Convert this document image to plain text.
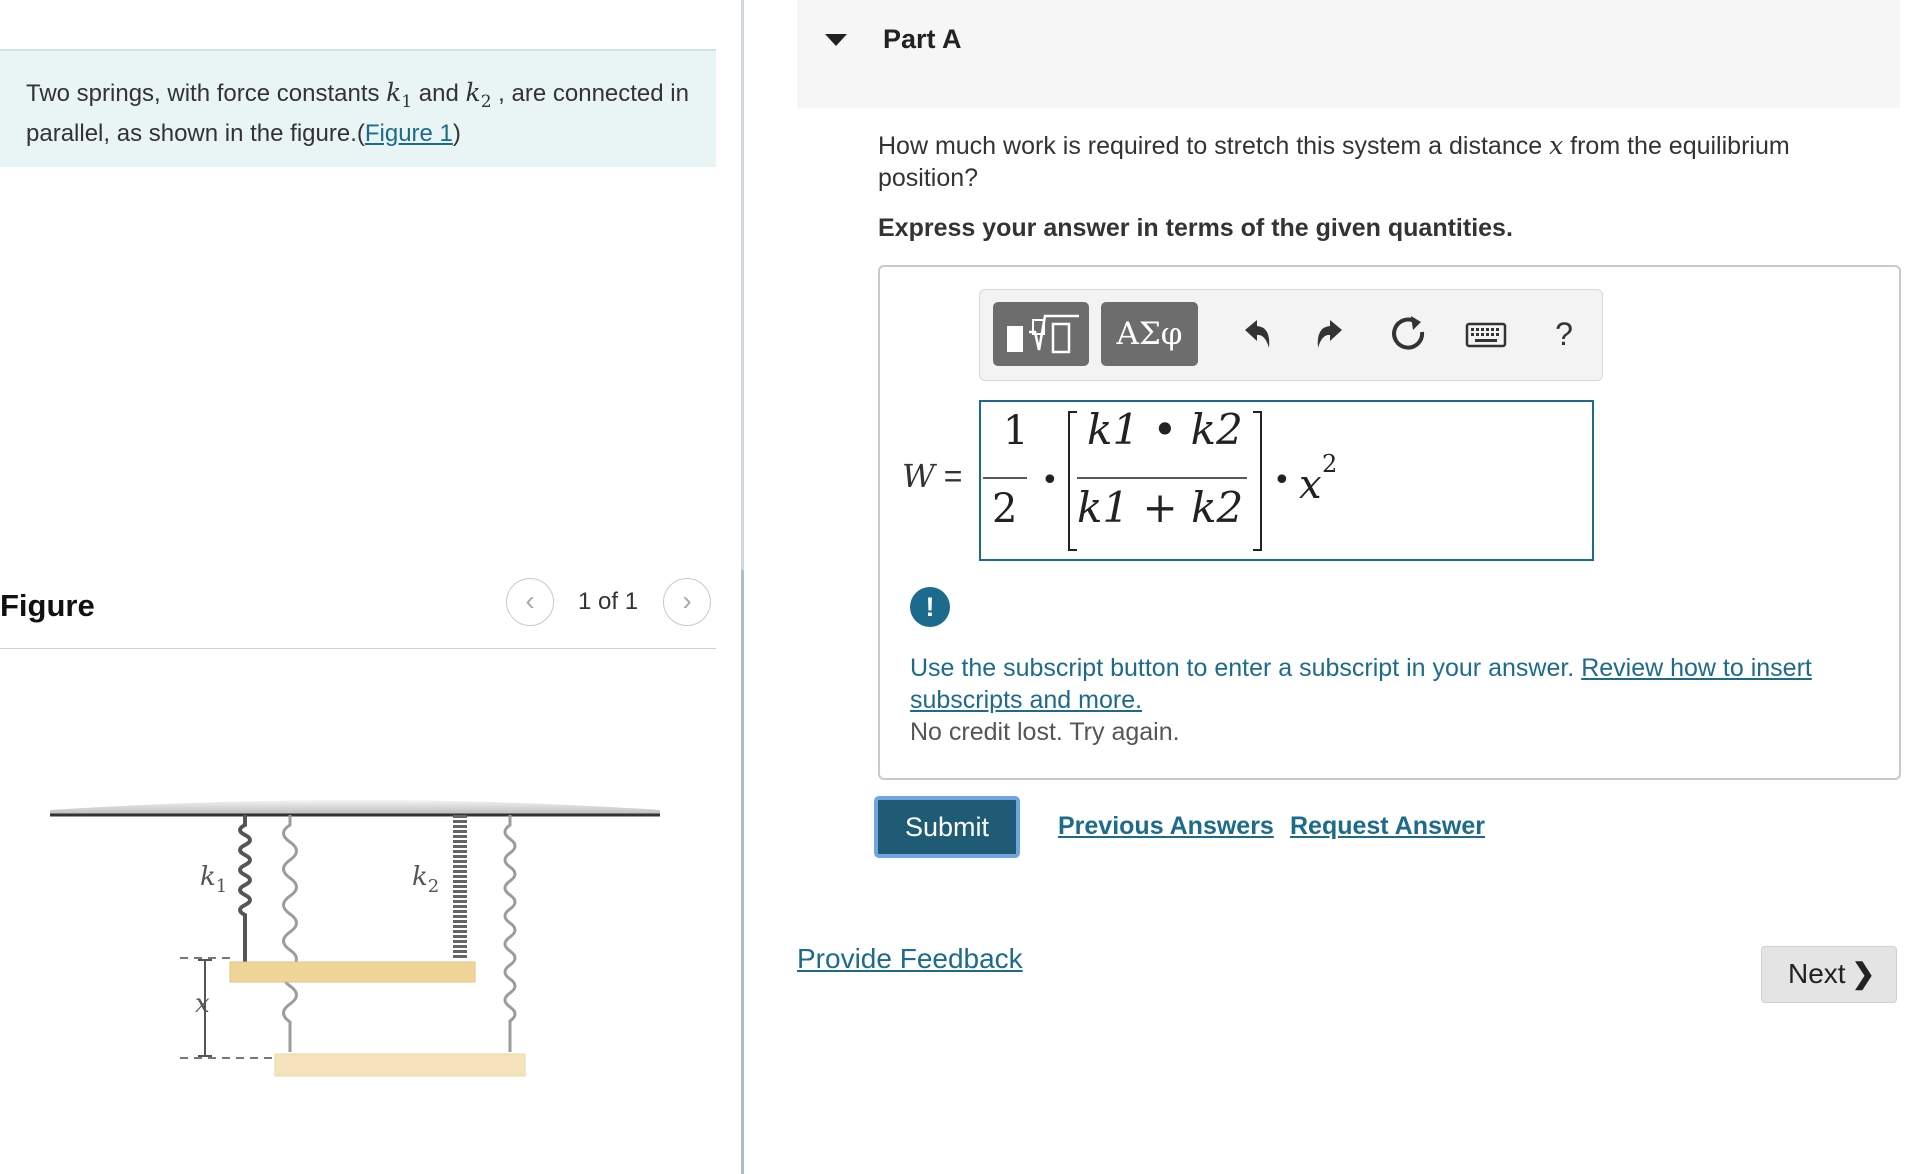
Two springs, with force constants $k_1$ and $k_2$ , are connected in parallel, as shown in the figure.(Figure 1)
Figure	‹	1 of 1	›
$k_1$	$k_2$
x
Part A
How much work is required to stretch this system a distance x from the equilibrium position?
Express your answer in terms of the given quantities.
ΑΣφ	?
W =
1
2
•
k1 • k2
k1 + k2
• x 2
!
Use the subscript button to enter a subscript in your answer. Review how to insert subscripts and more.
No credit lost. Try again.
Submit	Previous Answers Request Answer
Provide Feedback	Next ❯
